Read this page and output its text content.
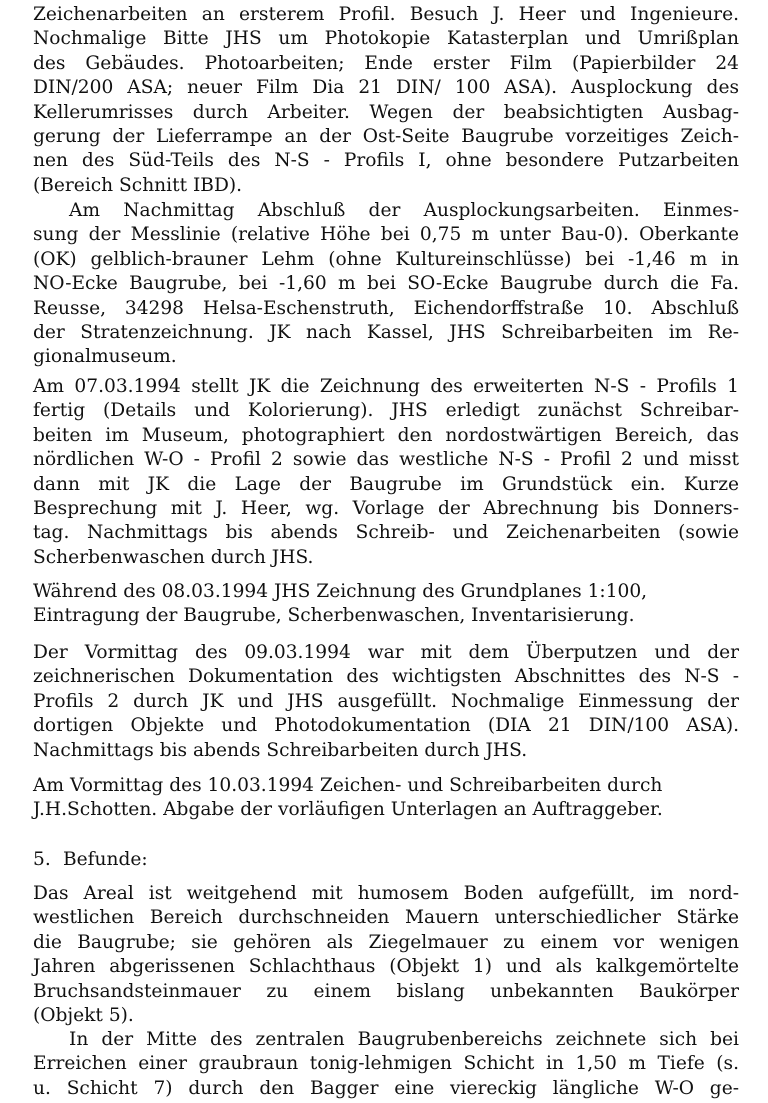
Zeichenarbeiten an ersterem Profil. Besuch J. Heer und Ingenieure.
Nochmalige Bitte JHS um Photokopie Katasterplan und Umrißplan
des Gebäudes. Photoarbeiten; Ende erster Film (Papierbilder 24
DIN/200 ASA; neuer Film Dia 21 DIN/ 100 ASA). Ausplockung des
Kellerumrisses durch Arbeiter. Wegen der beabsichtigten Ausbag-
gerung der Lieferrampe an der Ost-Seite Baugrube vorzeitiges Zeich-
nen des Süd-Teils des N-S - Profils I, ohne besondere Putzarbeiten
(Bereich Schnitt IBD).
Am Nachmittag Abschluß der Ausplockungsarbeiten. Einmes-
sung der Messlinie (relative Höhe bei 0,75 m unter Bau-0). Oberkante
(OK) gelblich-brauner Lehm (ohne Kultureinschlüsse) bei -1,46 m in
NO-Ecke Baugrube, bei -1,60 m bei SO-Ecke Baugrube durch die Fa.
Reusse, 34298 Helsa-Eschenstruth, Eichendorffstraße 10. Abschluß
der Stratenzeichnung. JK nach Kassel, JHS Schreibarbeiten im Re-
gionalmuseum.
Am 07.03.1994 stellt JK die Zeichnung des erweiterten N-S - Profils 1
fertig (Details und Kolorierung). JHS erledigt zunächst Schreibar-
beiten im Museum, photographiert den nordostwärtigen Bereich, das
nördlichen W-O - Profil 2 sowie das westliche N-S - Profil 2 und misst
dann mit JK die Lage der Baugrube im Grundstück ein. Kurze
Besprechung mit J. Heer, wg. Vorlage der Abrechnung bis Donners-
tag. Nachmittags bis abends Schreib- und Zeichenarbeiten (sowie
Scherbenwaschen durch JHS.
Während des 08.03.1994 JHS Zeichnung des Grundplanes 1:100,
Eintragung der Baugrube, Scherbenwaschen, Inventarisierung.
Der Vormittag des 09.03.1994 war mit dem Überputzen und der
zeichnerischen Dokumentation des wichtigsten Abschnittes des N-S -
Profils 2 durch JK und JHS ausgefüllt. Nochmalige Einmessung der
dortigen Objekte und Photodokumentation (DIA 21 DIN/100 ASA).
Nachmittags bis abends Schreibarbeiten durch JHS.
Am Vormittag des 10.03.1994 Zeichen- und Schreibarbeiten durch
J.H.Schotten. Abgabe der vorläufigen Unterlagen an Auftraggeber.
5. Befunde:
Das Areal ist weitgehend mit humosem Boden aufgefüllt, im nord-
westlichen Bereich durchschneiden Mauern unterschiedlicher Stärke
die Baugrube; sie gehören als Ziegelmauer zu einem vor wenigen
Jahren abgerissenen Schlachthaus (Objekt 1) und als kalkgemörtelte
Bruchsandsteinmauer zu einem bislang unbekannten Baukörper
(Objekt 5).
In der Mitte des zentralen Baugrubenbereichs zeichnete sich bei
Erreichen einer graubraun tonig-lehmigen Schicht in 1,50 m Tiefe (s.
u. Schicht 7) durch den Bagger eine viereckig längliche W-O ge-
